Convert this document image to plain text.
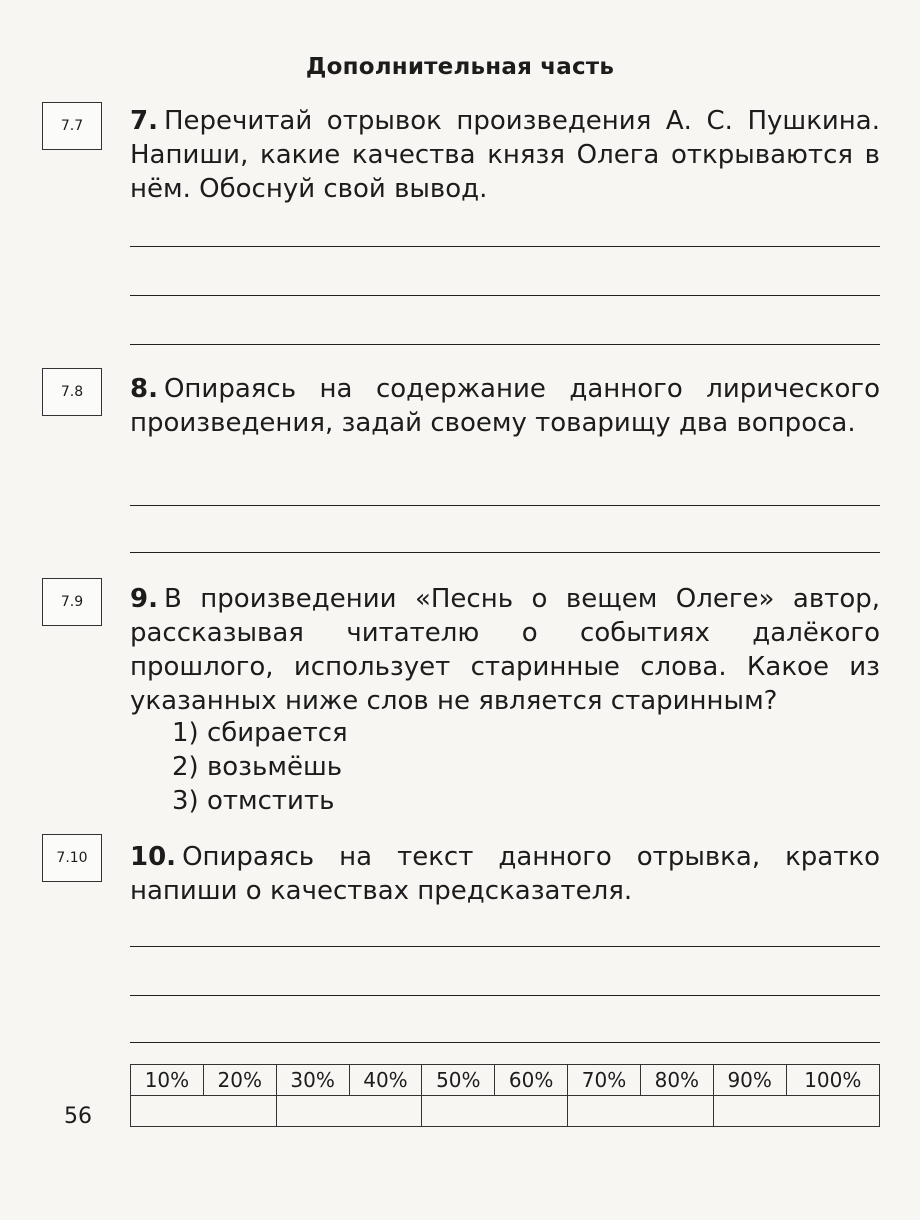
Дополнительная часть
7.7	7. Перечитай отрывок произведения А. С. Пушкина. Напиши, какие качества князя Олега открываются в нём. Обоснуй свой вывод.
7.8	8. Опираясь на содержание данного лирического произведения, задай своему товарищу два вопроса.
7.9	9. В произведении «Песнь о вещем Олеге» автор, рассказывая читателю о событиях далёкого прошлого, использует старинные слова. Какое из указанных ниже слов не является старинным?
1) сбирается
2) возьмёшь
3) отмстить
7.10	10. Опираясь на текст данного отрывка, кратко напиши о качествах предсказателя.
10%	20%	30%	40%	50%	60%	70%	80%	90%	100%

56
